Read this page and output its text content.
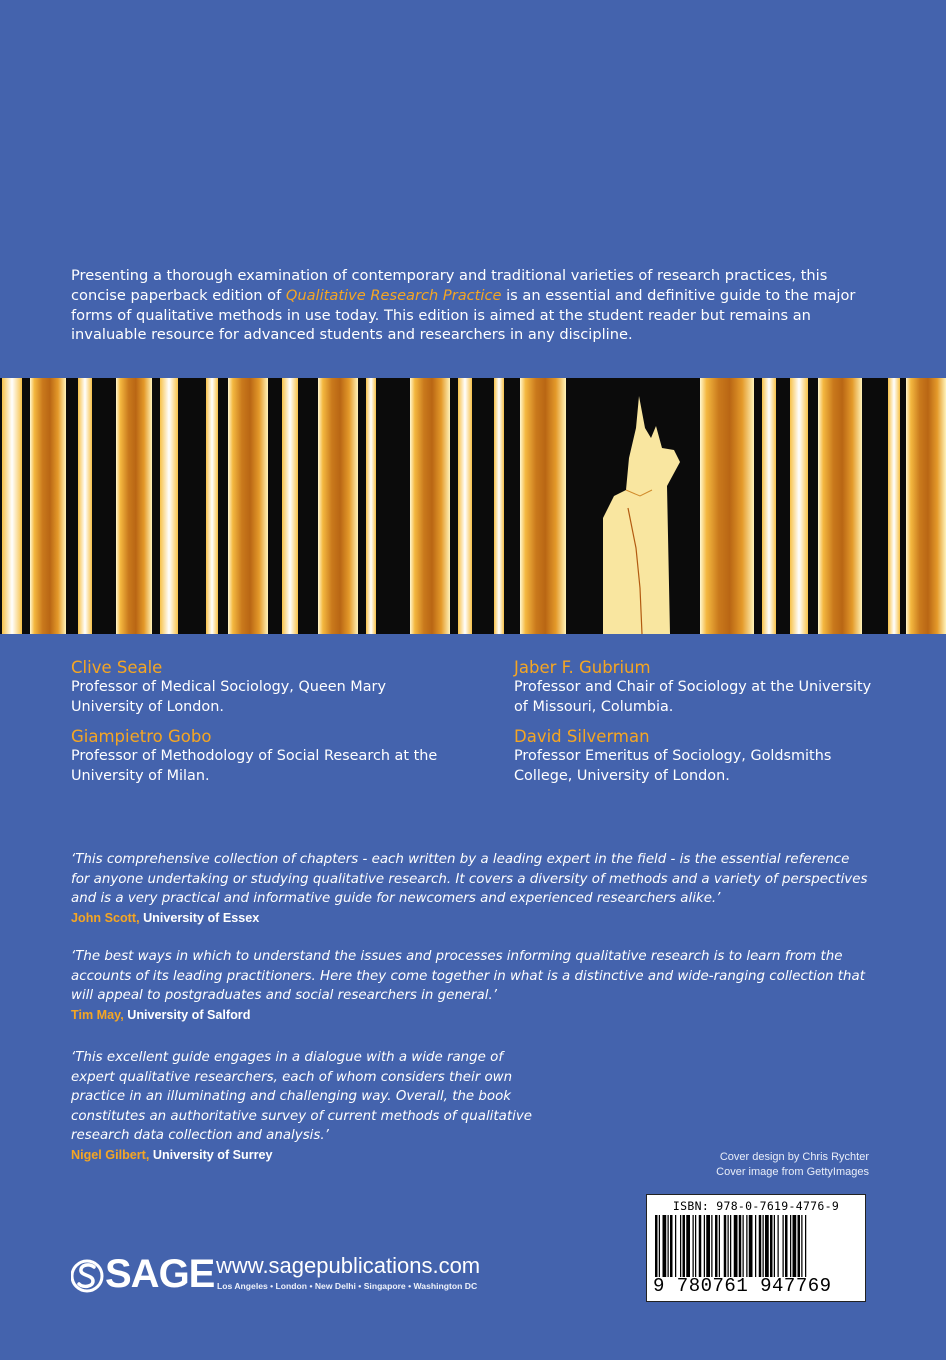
Presenting a thorough examination of contemporary and traditional varieties of research practices, this concise paperback edition of Qualitative Research Practice is an essential and definitive guide to the major forms of qualitative methods in use today. This edition is aimed at the student reader but remains an invaluable resource for advanced students and researchers in any discipline.
Clive Seale
Professor of Medical Sociology, Queen Mary University of London.
Jaber F. Gubrium
Professor and Chair of Sociology at the University of Missouri, Columbia.
Giampietro Gobo
Professor of Methodology of Social Research at the University of Milan.
David Silverman
Professor Emeritus of Sociology, Goldsmiths College, University of London.
‘This comprehensive collection of chapters - each written by a leading expert in the field - is the essential reference for anyone undertaking or studying qualitative research. It covers a diversity of methods and a variety of perspectives and is a very practical and informative guide for newcomers and experienced researchers alike.’
John Scott, University of Essex
‘The best ways in which to understand the issues and processes informing qualitative research is to learn from the accounts of its leading practitioners. Here they come together in what is a distinctive and wide-ranging collection that will appeal to postgraduates and social researchers in general.’
Tim May, University of Salford
‘This excellent guide engages in a dialogue with a wide range of expert qualitative researchers, each of whom considers their own practice in an illuminating and challenging way. Overall, the book constitutes an authoritative survey of current methods of qualitative research data collection and analysis.’
Nigel Gilbert, University of Surrey	Cover design by Chris Rychter
Cover image from GettyImages
ISBN: 978-0-7619-4776-9
9 780761 947769
SAGE www.sagepublications.com
Los Angeles • London • New Delhi • Singapore • Washington DC
